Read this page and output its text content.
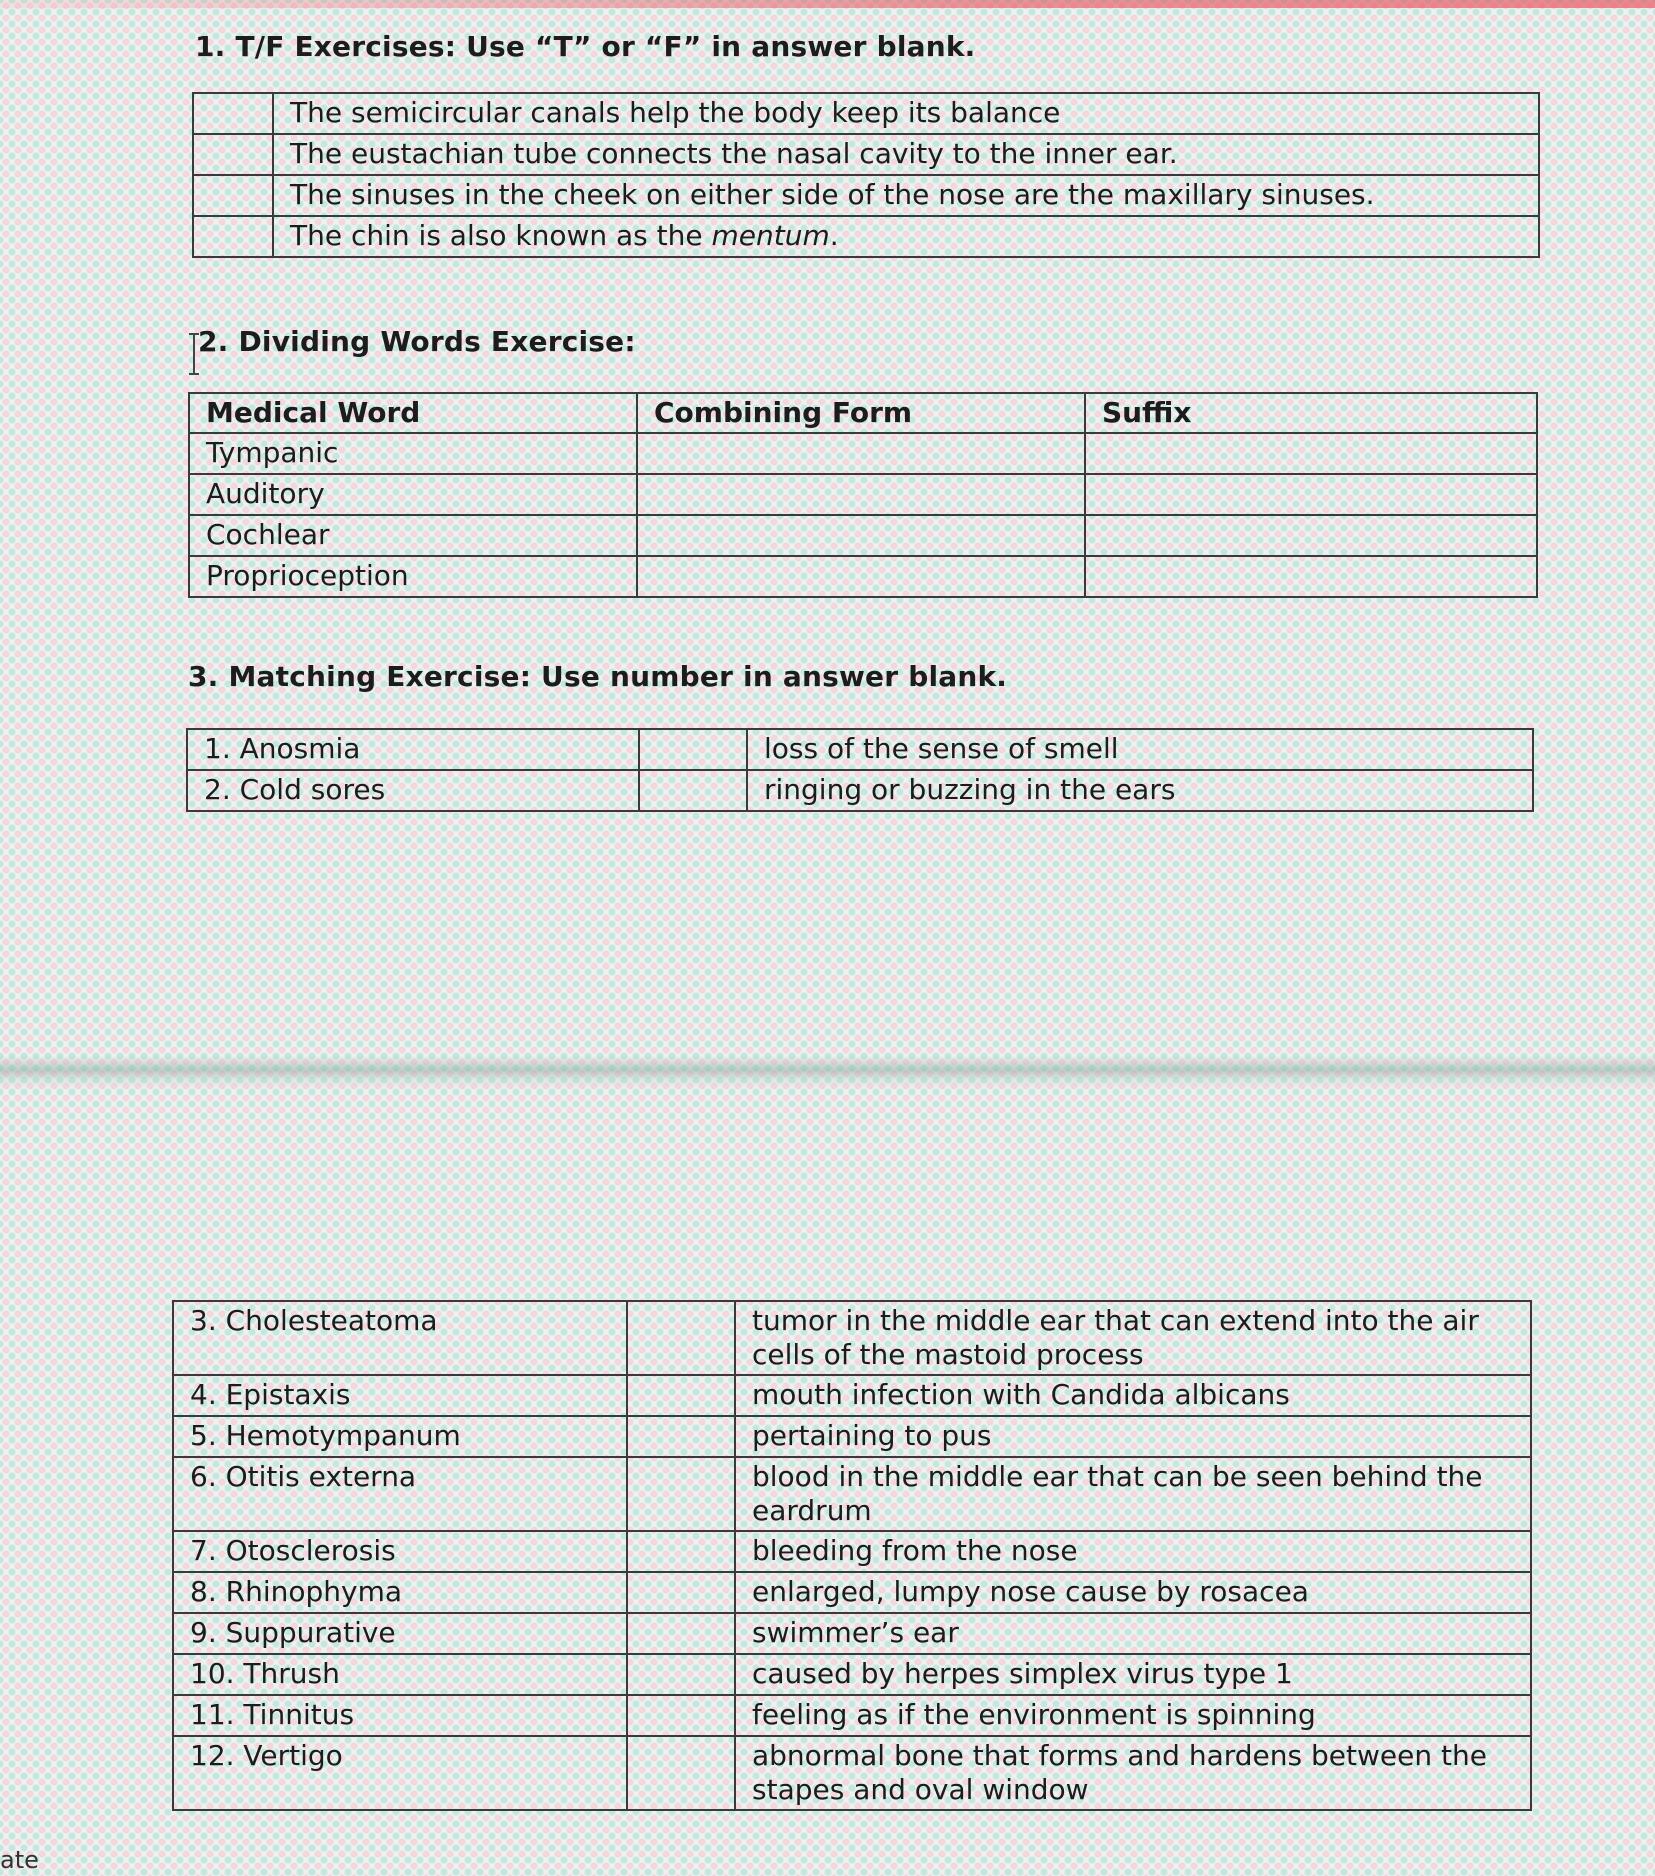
1. T/F Exercises: Use “T” or “F” in answer blank.
	The semicircular canals help the body keep its balance
	The eustachian tube connects the nasal cavity to the inner ear.
	The sinuses in the cheek on either side of the nose are the maxillary sinuses.
	The chin is also known as the mentum.
2. Dividing Words Exercise:
Medical Word	Combining Form	Suffix
Tympanic		
Auditory		
Cochlear		
Proprioception		
3. Matching Exercise: Use number in answer blank.
1. Anosmia		loss of the sense of smell
2. Cold sores		ringing or buzzing in the ears
3. Cholesteatoma		tumor in the middle ear that can extend into the air cells of the mastoid process
4. Epistaxis		mouth infection with Candida albicans
5. Hemotympanum		pertaining to pus
6. Otitis externa		blood in the middle ear that can be seen behind the eardrum
7. Otosclerosis		bleeding from the nose
8. Rhinophyma		enlarged, lumpy nose cause by rosacea
9. Suppurative		swimmer’s ear
10. Thrush		caused by herpes simplex virus type 1
11. Tinnitus		feeling as if the environment is spinning
12. Vertigo		abnormal bone that forms and hardens between the stapes and oval window
ate
